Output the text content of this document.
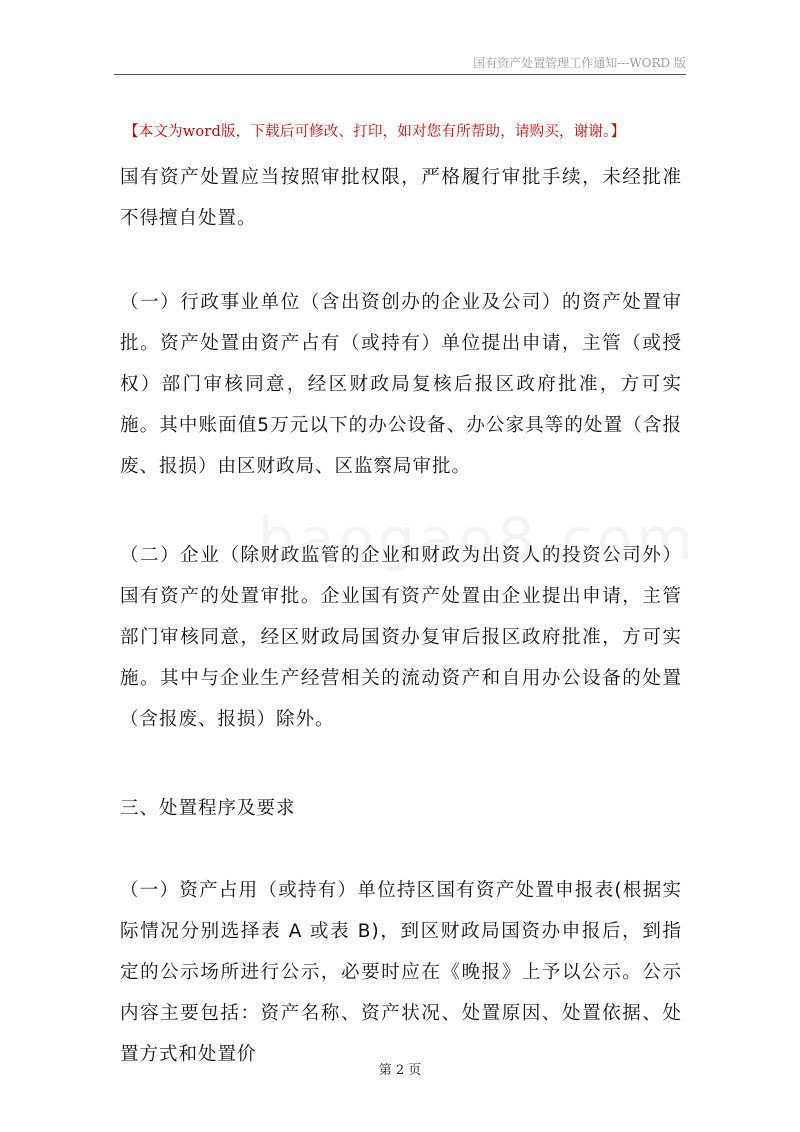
国有资产处置管理工作通知---WORD 版
【本文为word版，下载后可修改、打印，如对您有所帮助，请购买，谢谢。】

国有资产处置应当按照审批权限，严格履行审批手续，未经批准不得擅自处置。

（一）行政事业单位（含出资创办的企业及公司）的资产处置审批。资产处置由资产占有（或持有）单位提出申请，主管（或授权）部门审核同意，经区财政局复核后报区政府批准，方可实施。其中账面值5万元以下的办公设备、办公家具等的处置（含报废、报损）由区财政局、区监察局审批。

（二）企业（除财政监管的企业和财政为出资人的投资公司外）国有资产的处置审批。企业国有资产处置由企业提出申请，主管部门审核同意，经区财政局国资办复审后报区政府批准，方可实施。其中与企业生产经营相关的流动资产和自用办公设备的处置（含报废、报损）除外。

三、处置程序及要求

（一）资产占用（或持有）单位持区国有资产处置申报表(根据实际情况分别选择表 A 或表 B)，到区财政局国资办申报后，到指定的公示场所进行公示，必要时应在《晚报》上予以公示。公示内容主要包括：资产名称、资产状况、处置原因、处置依据、处置方式和处置价

第 2 页
